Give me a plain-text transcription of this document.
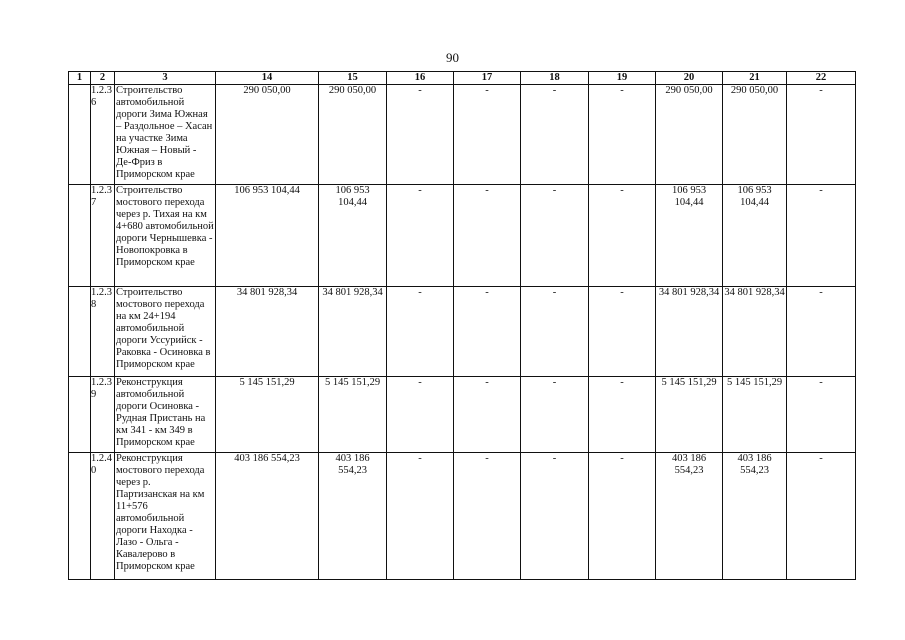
90
1	2	3	14	15	16	17	18	19	20	21	22
	1.2.36	Строительство автомобильной дороги Зима Южная – Раздольное – Хасан на участке Зима Южная – Новый - Де-Фриз в Приморском крае	290 050,00	290 050,00	-	-	-	-	290 050,00	290 050,00	-
	1.2.37	Строительство мостового перехода через р. Тихая на км 4+680 автомобильной дороги Чернышевка - Новопокровка в Приморском крае	106 953 104,44	106 953 104,44	-	-	-	-	106 953 104,44	106 953 104,44	-
	1.2.38	Строительство мостового перехода на км 24+194 автомобильной дороги Уссурийск - Раковка - Осиновка в Приморском крае	34 801 928,34	34 801 928,34	-	-	-	-	34 801 928,34	34 801 928,34	-
	1.2.39	Реконструкция автомобильной дороги Осиновка - Рудная Пристань на км 341 - км 349 в Приморском крае	5 145 151,29	5 145 151,29	-	-	-	-	5 145 151,29	5 145 151,29	-
	1.2.40	Реконструкция мостового перехода через р. Партизанская на км 11+576 автомобильной дороги Находка - Лазо - Ольга - Кавалерово в Приморском крае	403 186 554,23	403 186 554,23	-	-	-	-	403 186 554,23	403 186 554,23	-
